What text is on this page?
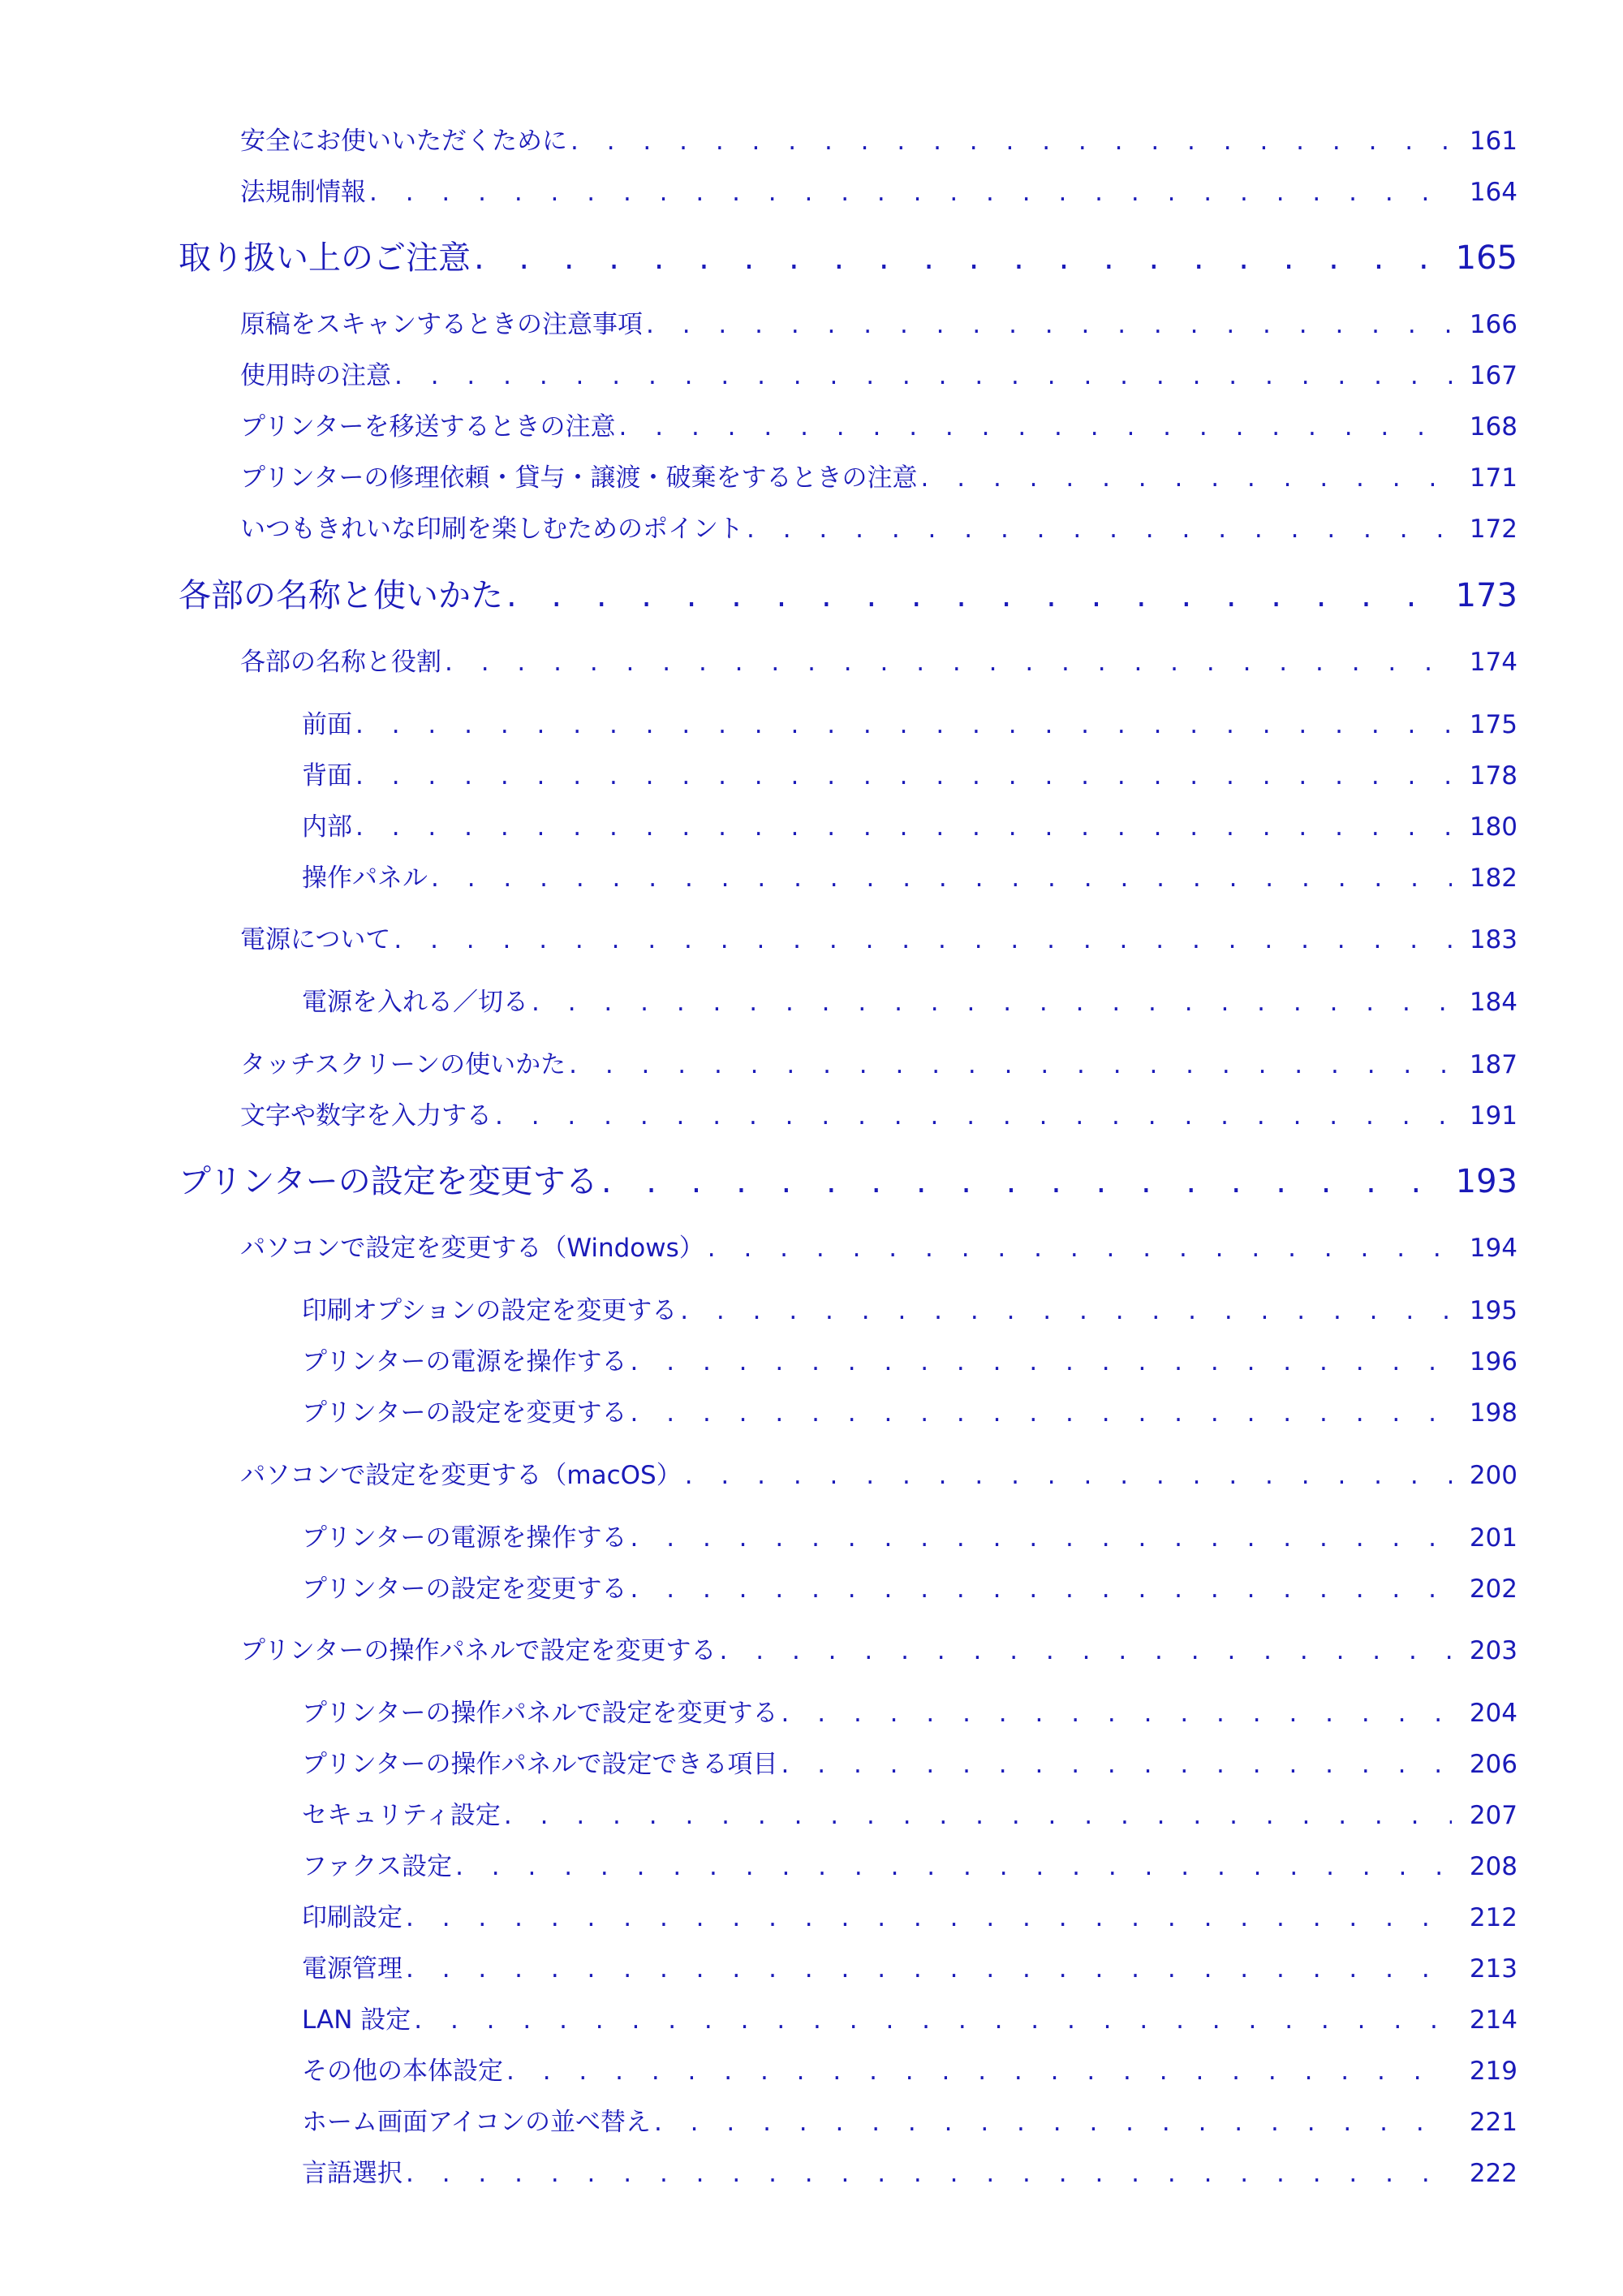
安全にお使いいただくために . . .	161
法規制情報 . . .	164
取り扱い上のご注意 . . .	165
原稿をスキャンするときの注意事項 . . .	166
使用時の注意 . . .	167
プリンターを移送するときの注意 . . .	168
プリンターの修理依頼・貸与・譲渡・破棄をするときの注意 . . .	171
いつもきれいな印刷を楽しむためのポイント . . .	172
各部の名称と使いかた . . .	173
各部の名称と役割 . . .	174
前面 . . .	175
背面 . . .	178
内部 . . .	180
操作パネル . . .	182
電源について . . .	183
電源を入れる／切る . . .	184
タッチスクリーンの使いかた . . .	187
文字や数字を入力する . . .	191
プリンターの設定を変更する . . .	193
パソコンで設定を変更する（Windows） . . .	194
印刷オプションの設定を変更する . . .	195
プリンターの電源を操作する . . .	196
プリンターの設定を変更する . . .	198
パソコンで設定を変更する（macOS） . . .	200
プリンターの電源を操作する . . .	201
プリンターの設定を変更する . . .	202
プリンターの操作パネルで設定を変更する . . .	203
プリンターの操作パネルで設定を変更する . . .	204
プリンターの操作パネルで設定できる項目 . . .	206
セキュリティ設定 . . .	207
ファクス設定 . . .	208
印刷設定 . . .	212
電源管理 . . .	213
LAN 設定 . . .	214
その他の本体設定 . . .	219
ホーム画面アイコンの並べ替え . . .	221
言語選択 . . .	222
